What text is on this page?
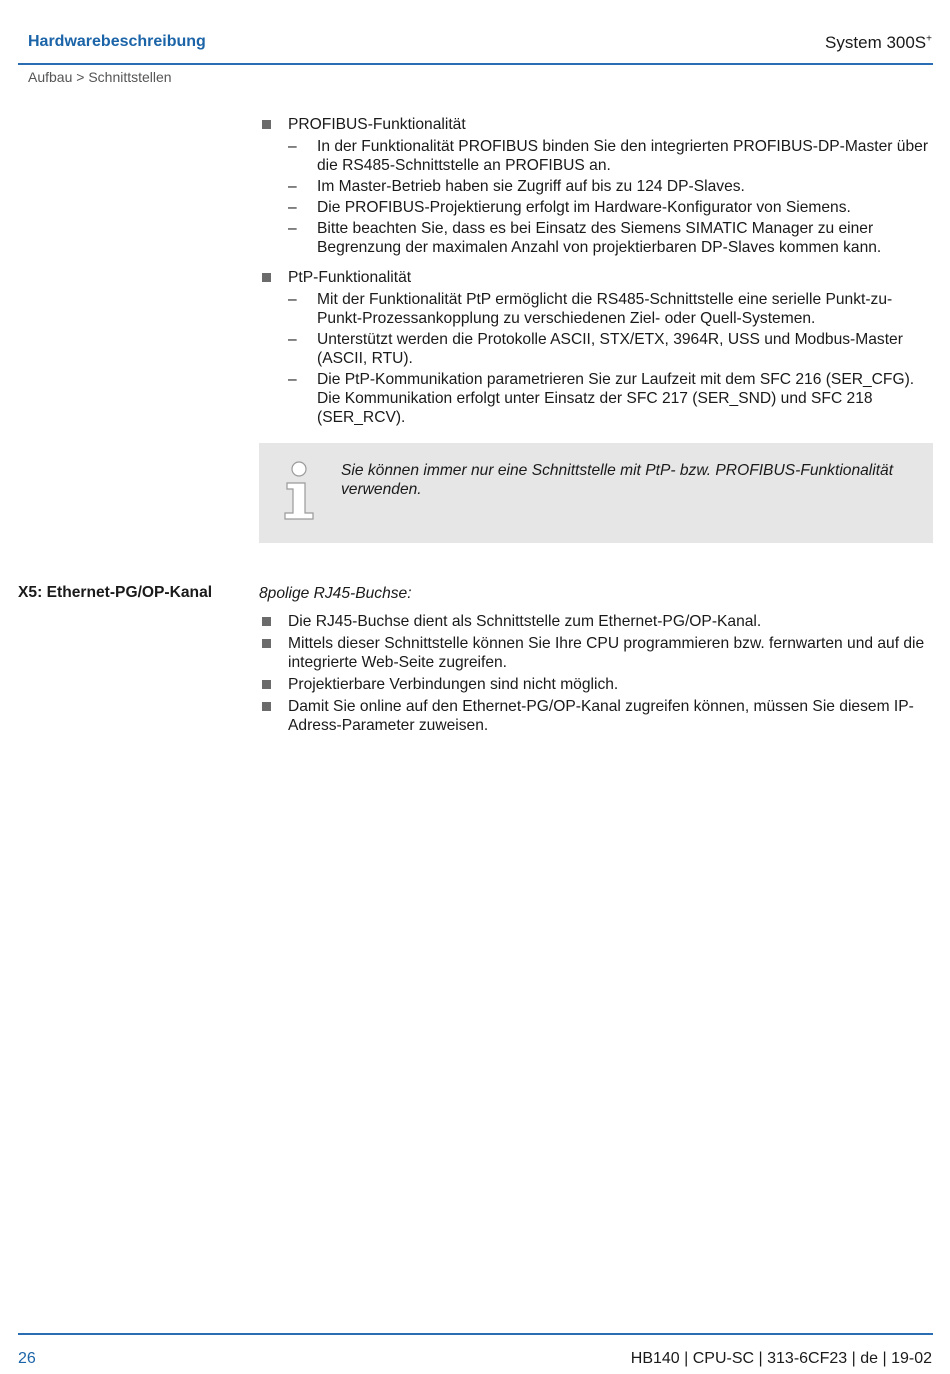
Hardwarebeschreibung	System 300S+
Aufbau > Schnittstellen
PROFIBUS-Funktionalität
– In der Funktionalität PROFIBUS binden Sie den integrierten PROFIBUS-DP-Master über die RS485-Schnittstelle an PROFIBUS an.
– Im Master-Betrieb haben sie Zugriff auf bis zu 124 DP-Slaves.
– Die PROFIBUS-Projektierung erfolgt im Hardware-Konfigurator von Siemens.
– Bitte beachten Sie, dass es bei Einsatz des Siemens SIMATIC Manager zu einer Begrenzung der maximalen Anzahl von projektierbaren DP-Slaves kommen kann.
PtP-Funktionalität
– Mit der Funktionalität PtP ermöglicht die RS485-Schnittstelle eine serielle Punkt-zu-Punkt-Prozessankopplung zu verschiedenen Ziel- oder Quell-Systemen.
– Unterstützt werden die Protokolle ASCII, STX/ETX, 3964R, USS und Modbus-Master (ASCII, RTU).
– Die PtP-Kommunikation parametrieren Sie zur Laufzeit mit dem SFC 216 (SER_CFG). Die Kommunikation erfolgt unter Einsatz der SFC 217 (SER_SND) und SFC 218 (SER_RCV).
Sie können immer nur eine Schnittstelle mit PtP- bzw. PROFIBUS-Funktionalität verwenden.
X5: Ethernet-PG/OP-Kanal	8polige RJ45-Buchse:
Die RJ45-Buchse dient als Schnittstelle zum Ethernet-PG/OP-Kanal.
Mittels dieser Schnittstelle können Sie Ihre CPU programmieren bzw. fernwarten und auf die integrierte Web-Seite zugreifen.
Projektierbare Verbindungen sind nicht möglich.
Damit Sie online auf den Ethernet-PG/OP-Kanal zugreifen können, müssen Sie diesem IP-Adress-Parameter zuweisen.
26	HB140 | CPU-SC | 313-6CF23 | de | 19-02
